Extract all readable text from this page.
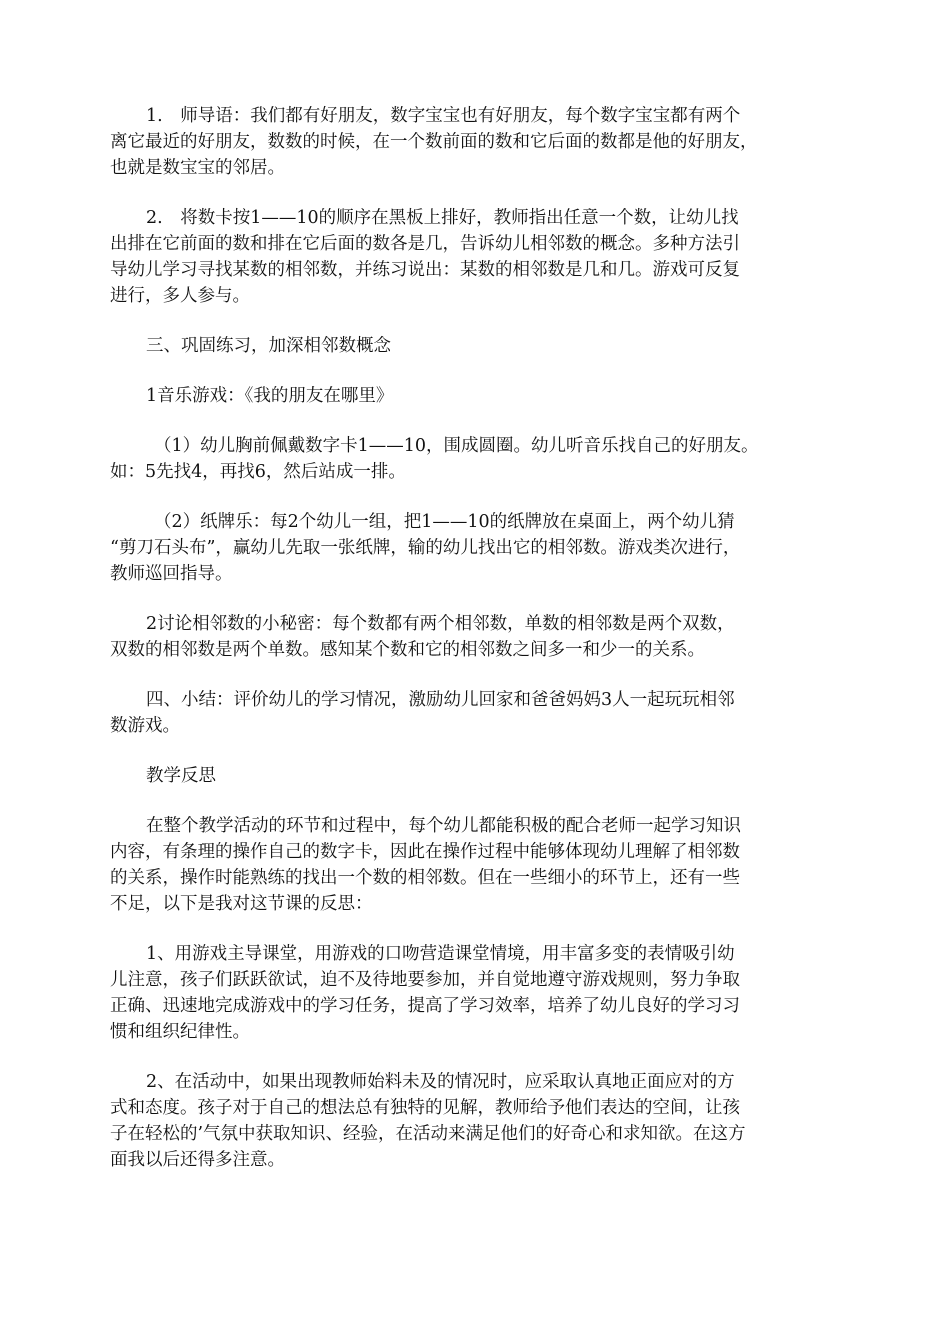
1.　师导语：我们都有好朋友，数字宝宝也有好朋友，每个数字宝宝都有两个
离它最近的好朋友，数数的时候，在一个数前面的数和它后面的数都是他的好朋友，
也就是数宝宝的邻居。

2.　将数卡按1——10的顺序在黑板上排好，教师指出任意一个数，让幼儿找
出排在它前面的数和排在它后面的数各是几，告诉幼儿相邻数的概念。多种方法引
导幼儿学习寻找某数的相邻数，并练习说出：某数的相邻数是几和几。游戏可反复
进行，多人参与。

三、巩固练习，加深相邻数概念

1音乐游戏：《我的朋友在哪里》

（1）幼儿胸前佩戴数字卡1——10，围成圆圈。幼儿听音乐找自己的好朋友。
如：5先找4，再找6，然后站成一排。

（2）纸牌乐：每2个幼儿一组，把1——10的纸牌放在桌面上，两个幼儿猜
“剪刀石头布”，赢幼儿先取一张纸牌，输的幼儿找出它的相邻数。游戏类次进行，
教师巡回指导。

2讨论相邻数的小秘密：每个数都有两个相邻数，单数的相邻数是两个双数，
双数的相邻数是两个单数。感知某个数和它的相邻数之间多一和少一的关系。

四、小结：评价幼儿的学习情况，激励幼儿回家和爸爸妈妈3人一起玩玩相邻
数游戏。

教学反思

在整个教学活动的环节和过程中，每个幼儿都能积极的配合老师一起学习知识
内容，有条理的操作自己的数字卡，因此在操作过程中能够体现幼儿理解了相邻数
的关系，操作时能熟练的找出一个数的相邻数。但在一些细小的环节上，还有一些
不足，以下是我对这节课的反思：

1、用游戏主导课堂，用游戏的口吻营造课堂情境，用丰富多变的表情吸引幼
儿注意，孩子们跃跃欲试，迫不及待地要参加，并自觉地遵守游戏规则，努力争取
正确、迅速地完成游戏中的学习任务，提高了学习效率，培养了幼儿良好的学习习
惯和组织纪律性。

2、在活动中，如果出现教师始料未及的情况时，应采取认真地正面应对的方
式和态度。孩子对于自己的想法总有独特的见解，教师给予他们表达的空间，让孩
子在轻松的’气氛中获取知识、经验，在活动来满足他们的好奇心和求知欲。在这方
面我以后还得多注意。
